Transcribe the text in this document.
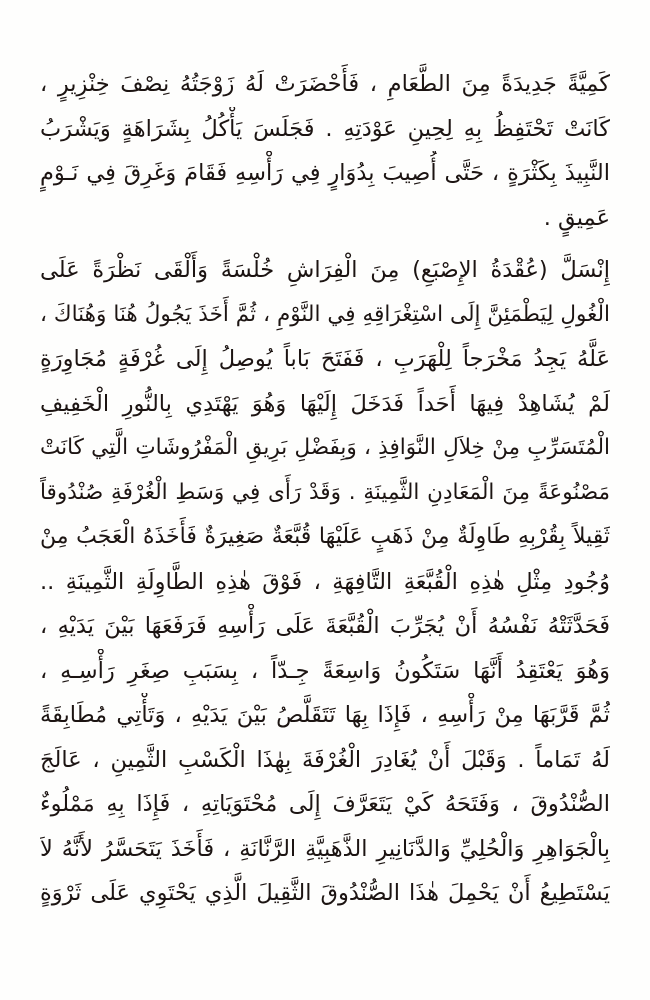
كَمِيَّةً جَدِيدَةً مِنَ الطَّعَامِ ، فَأَحْضَرَتْ لَهُ زَوْجَتُهُ نِصْفَ خِنْزِيرٍ ،
كَانَتْ تَحْتَفِظُ بِهِ لِحِينِ عَوْدَتِهِ . فَجَلَسَ يَأْكُلُ بِشَرَاهَةٍ وَيَشْرَبُ
النَّبِيذَ بِكَثْرَةٍ ، حَتَّى أُصِيبَ بِدُوَارٍ فِي رَأْسِهِ فَقَامَ وَغَرِقَ فِي نَـوْمٍ
عَمِيقٍ .
إِنْسَلَّ (عُقْدَةُ الإِصْبَعِ) مِنَ الْفِرَاشِ خُلْسَةً وَأَلْقَى نَظْرَةً عَلَى
الْغُولِ لِيَطْمَئِنَّ إِلَى اسْتِغْرَاقِهِ فِي النَّوْمِ ، ثُمَّ أَخَذَ يَجُولُ هُنَا وَهُنَاكَ ،
عَلَّهُ يَجِدُ مَخْرَجاً لِلْهَرَبِ ، فَفَتَحَ بَاباً يُوصِلُ إِلَى غُرْفَةٍ مُجَاوِرَةٍ
لَمْ يُشَاهِدْ فِيهَا أَحَداً فَدَخَلَ إِلَيْهَا وَهُوَ يَهْتَدِي بِالنُّورِ الْخَفِيفِ
الْمُتَسَرِّبِ مِنْ خِلاَلِ النَّوَافِذِ ، وَبِفَضْلِ بَرِيقِ الْمَفْرُوشَاتِ الَّتِي كَانَتْ
مَصْنُوعَةً مِنَ الْمَعَادِنِ الثَّمِينَةِ . وَقَدْ رَأَى فِي وَسَطِ الْغُرْفَةِ صُنْدُوقاً
ثَقِيلاً بِقُرْبِهِ طَاوِلَةٌ مِنْ ذَهَبٍ عَلَيْهَا قُبَّعَةٌ صَغِيرَةٌ فَأَخَذَهُ الْعَجَبُ مِنْ
وُجُودِ مِثْلِ هٰذِهِ الْقُبَّعَةِ التَّافِهَةِ ، فَوْقَ هٰذِهِ الطَّاوِلَةِ الثَّمِينَةِ ..
فَحَدَّثَتْهُ نَفْسُهُ أَنْ يُجَرِّبَ الْقُبَّعَةَ عَلَى رَأْسِهِ فَرَفَعَهَا بَيْنَ يَدَيْهِ ،
وَهُوَ يَعْتَقِدُ أَنَّهَا سَتَكُونُ وَاسِعَةً جِـدّاً ، بِسَبَبِ صِغَرِ رَأْسِـهِ ،
ثُمَّ قَرَّبَهَا مِنْ رَأْسِهِ ، فَإِذَا بِهَا تَتَقَلَّصُ بَيْنَ يَدَيْهِ ، وَتَأْتِي مُطَابِقَةً
لَهُ تَمَاماً . وَقَبْلَ أَنْ يُغَادِرَ الْغُرْفَةَ بِهٰذَا الْكَسْبِ الثَّمِينِ ، عَالَجَ
الصُّنْدُوقَ ، وَفَتَحَهُ كَيْ يَتَعَرَّفَ إِلَى مُحْتَوَيَاتِهِ ، فَإِذَا بِهِ مَمْلُوءٌ
بِالْجَوَاهِرِ وَالْحُلِيِّ وَالدَّنَانِيرِ الذَّهَبِيَّةِ الرَّنَّانَةِ ، فَأَخَذَ يَتَحَسَّرُ لأَنَّهُ لاَ
يَسْتَطِيعُ أَنْ يَحْمِلَ هٰذَا الصُّنْدُوقَ الثَّقِيلَ الَّذِي يَحْتَوِي عَلَى ثَرْوَةٍ
